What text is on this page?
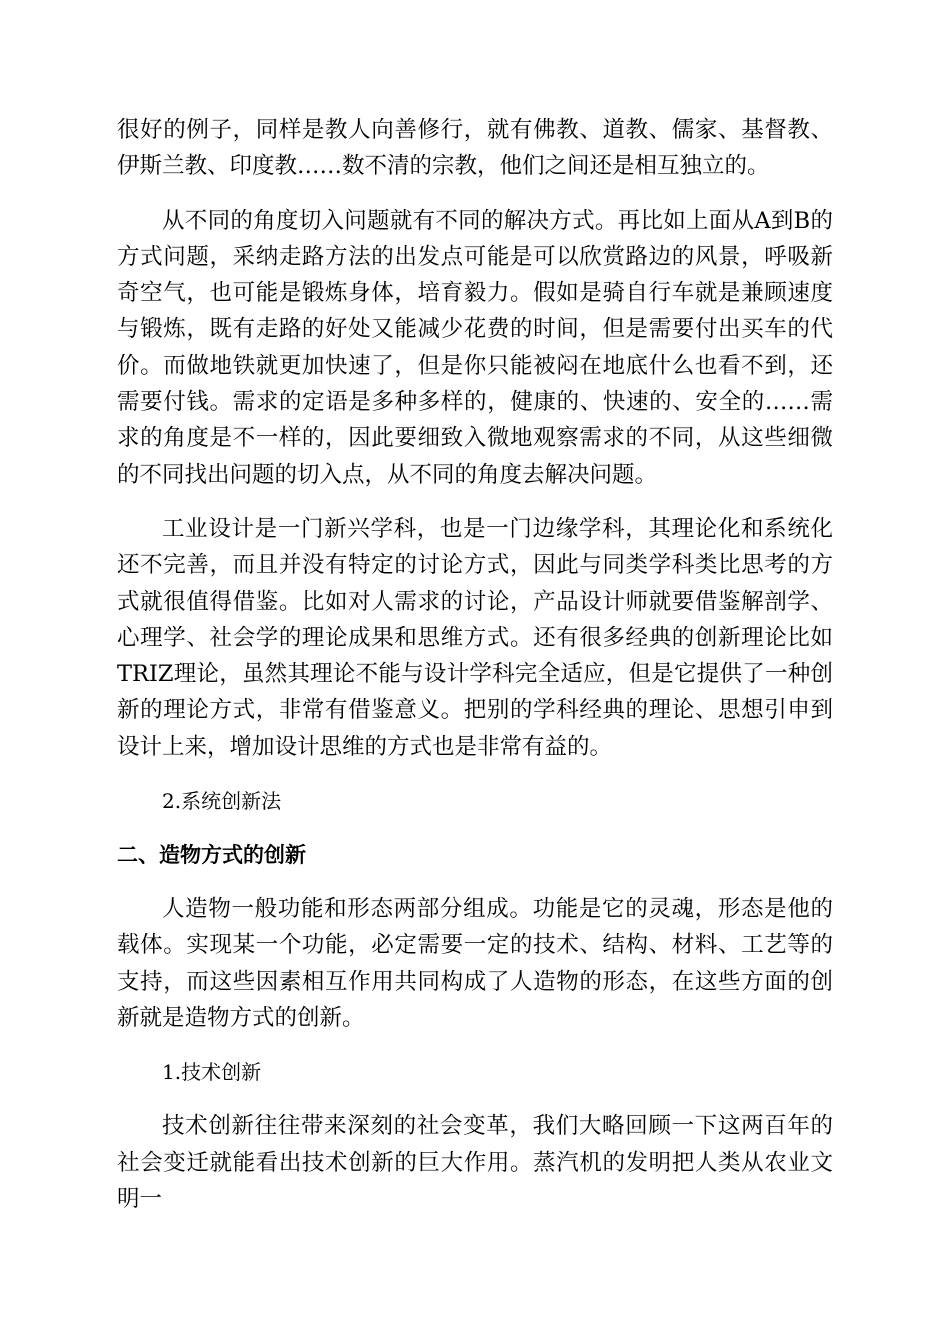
很好的例子，同样是教人向善修行，就有佛教、道教、儒家、基督教、伊斯兰教、印度教……数不清的宗教，他们之间还是相互独立的。

从不同的角度切入问题就有不同的解决方式。再比如上面从A到B的方式问题，采纳走路方法的出发点可能是可以欣赏路边的风景，呼吸新奇空气，也可能是锻炼身体，培育毅力。假如是骑自行车就是兼顾速度与锻炼，既有走路的好处又能减少花费的时间，但是需要付出买车的代价。而做地铁就更加快速了，但是你只能被闷在地底什么也看不到，还需要付钱。需求的定语是多种多样的，健康的、快速的、安全的……需求的角度是不一样的，因此要细致入微地观察需求的不同，从这些细微的不同找出问题的切入点，从不同的角度去解决问题。

工业设计是一门新兴学科，也是一门边缘学科，其理论化和系统化还不完善，而且并没有特定的讨论方式，因此与同类学科类比思考的方式就很值得借鉴。比如对人需求的讨论，产品设计师就要借鉴解剖学、心理学、社会学的理论成果和思维方式。还有很多经典的创新理论比如TRIZ理论，虽然其理论不能与设计学科完全适应，但是它提供了一种创新的理论方式，非常有借鉴意义。把别的学科经典的理论、思想引申到设计上来，增加设计思维的方式也是非常有益的。

2.系统创新法
二、造物方式的创新

人造物一般功能和形态两部分组成。功能是它的灵魂，形态是他的载体。实现某一个功能，必定需要一定的技术、结构、材料、工艺等的支持，而这些因素相互作用共同构成了人造物的形态，在这些方面的创新就是造物方式的创新。

1.技术创新

技术创新往往带来深刻的社会变革，我们大略回顾一下这两百年的社会变迁就能看出技术创新的巨大作用。蒸汽机的发明把人类从农业文明一
